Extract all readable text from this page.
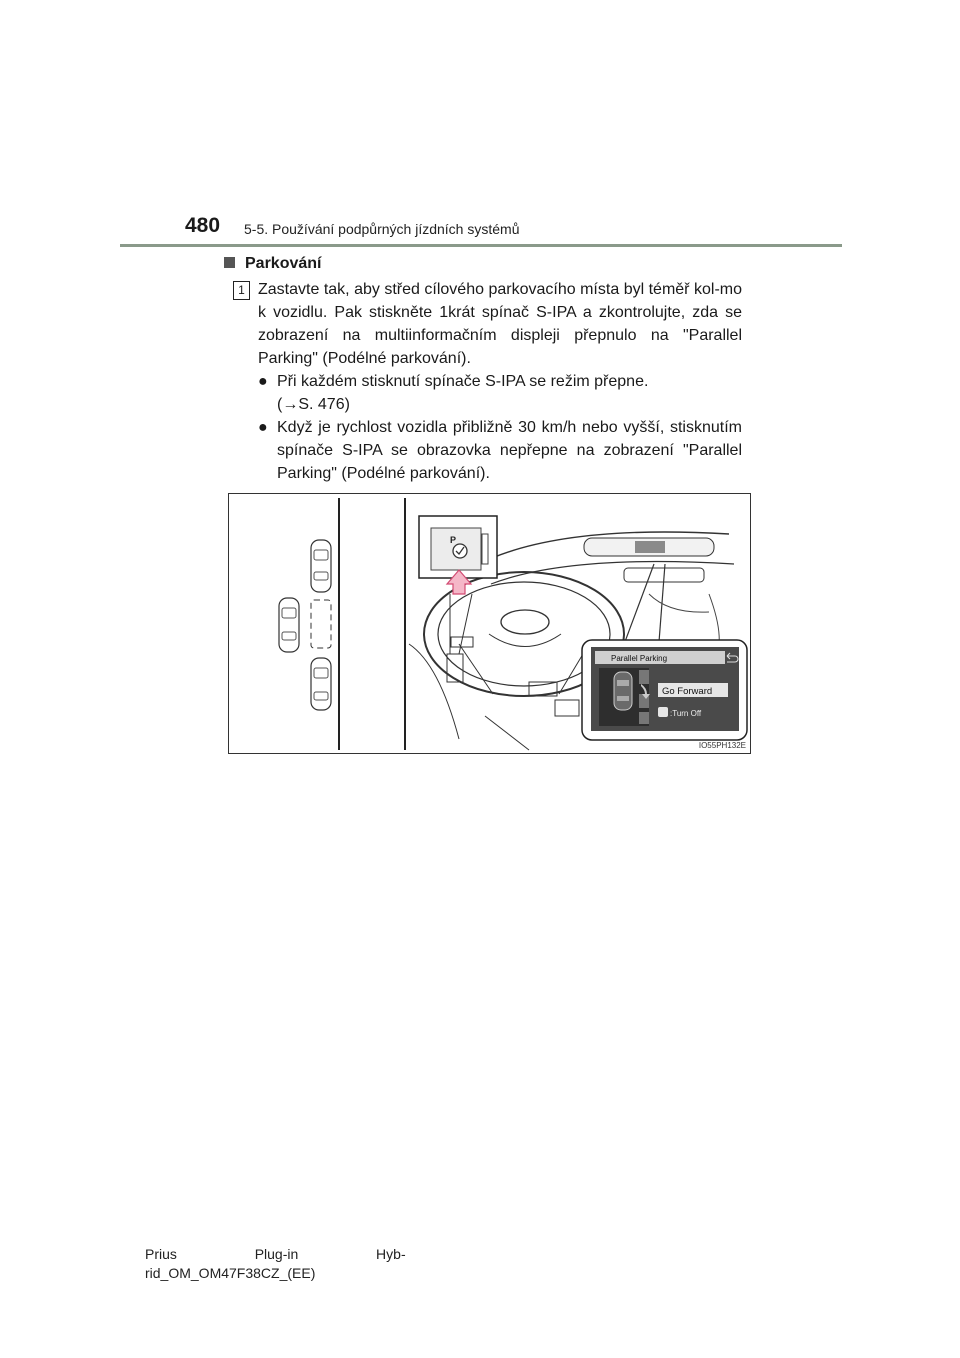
480 5-5. Používání podpůrných jízdních systémů
Parkování
1 Zastavte tak, aby střed cílového parkovacího místa byl téměř kol-mo k vozidlu. Pak stiskněte 1krát spínač S-IPA a zkontrolujte, zda se zobrazení na multiinformačním displeji přepnulo na "Parallel Parking" (Podélné parkování).
● Při každém stisknutí spínače S-IPA se režim přepne.
(→S. 476)
● Když je rychlost vozidla přibližně 30 km/h nebo vyšší, stisknutím spínače S-IPA se obrazovka nepřepne na zobrazení "Parallel Parking" (Podélné parkování).
P
Parallel Parking
Go Forward
:Turn Off
IO55PH132E
Prius                    Plug-in                    Hyb-
rid_OM_OM47F38CZ_(EE)
